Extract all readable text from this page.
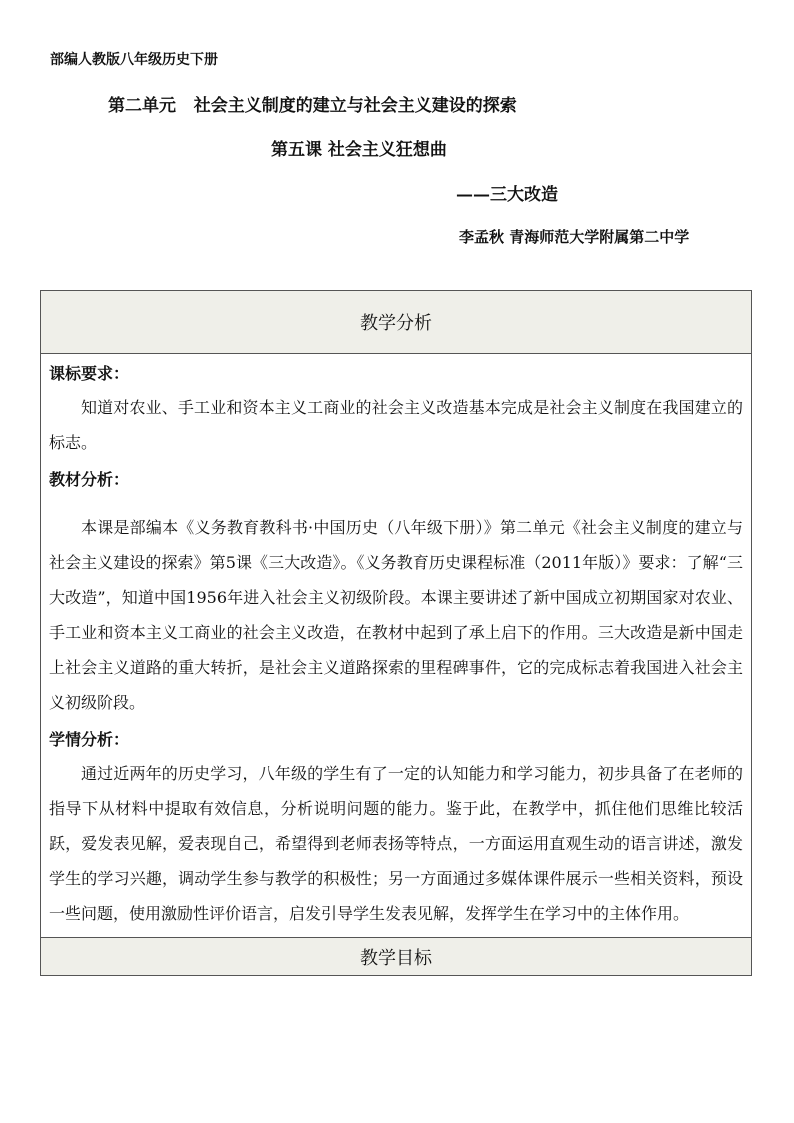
部编人教版八年级历史下册
第二单元   社会主义制度的建立与社会主义建设的探索
第五课 社会主义狂想曲
——三大改造
李孟秋 青海师范大学附属第二中学
教学分析
课标要求：

知道对农业、手工业和资本主义工商业的社会主义改造基本完成是社会主义制度在我国建立的标志。

教材分析：

本课是部编本《义务教育教科书·中国历史（八年级下册）》第二单元《社会主义制度的建立与社会主义建设的探索》第5课《三大改造》。《义务教育历史课程标准（2011年版）》要求：了解“三大改造”，知道中国1956年进入社会主义初级阶段。本课主要讲述了新中国成立初期国家对农业、手工业和资本主义工商业的社会主义改造，在教材中起到了承上启下的作用。三大改造是新中国走上社会主义道路的重大转折，是社会主义道路探索的里程碑事件，它的完成标志着我国进入社会主义初级阶段。

学情分析：

通过近两年的历史学习，八年级的学生有了一定的认知能力和学习能力，初步具备了在老师的指导下从材料中提取有效信息，分析说明问题的能力。鉴于此，在教学中，抓住他们思维比较活跃，爱发表见解，爱表现自己，希望得到老师表扬等特点，一方面运用直观生动的语言讲述，激发学生的学习兴趣，调动学生参与教学的积极性；另一方面通过多媒体课件展示一些相关资料，预设一些问题，使用激励性评价语言，启发引导学生发表见解，发挥学生在学习中的主体作用。

教学目标
